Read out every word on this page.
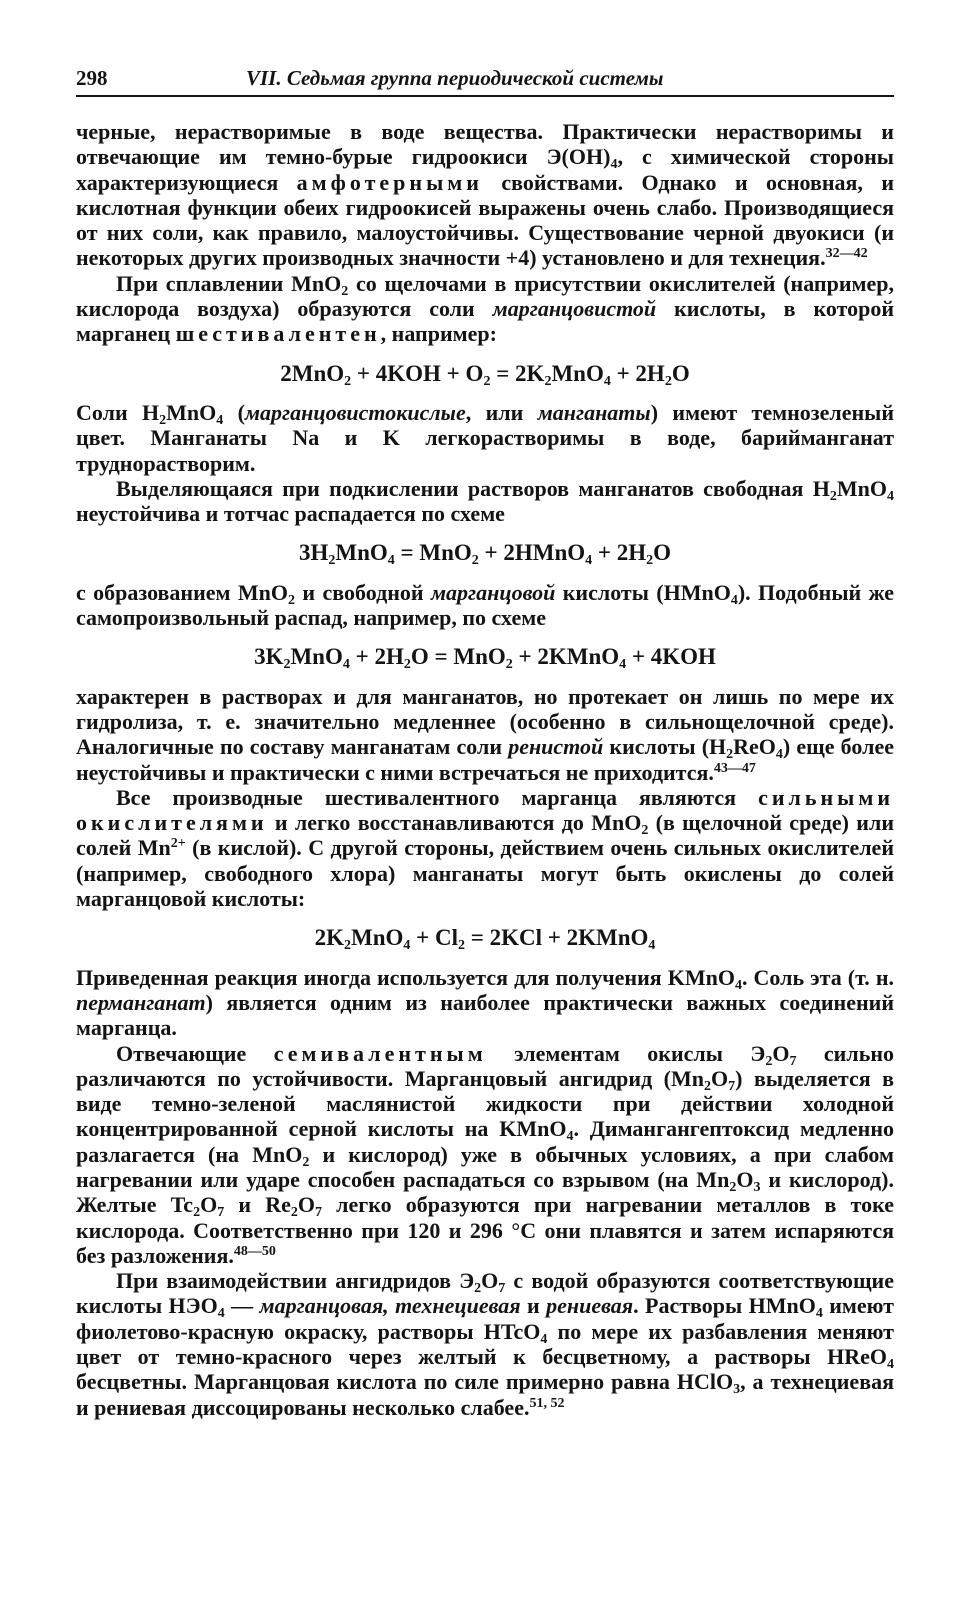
298	VII. Седьмая группа периодической системы

черные, нерастворимые в воде вещества. Практически нерастворимы и отвечающие им темно-бурые гидроокиси $Э(OH)_4$, с химической стороны характеризующиеся амфотерными свойствами. Однако и основная, и кислотная функции обеих гидроокисей выражены очень слабо. Производящиеся от них соли, как правило, малоустойчивы. Существование черной двуокиси (и некоторых других производных значности +4) установлено и для технеция.$^{32—42}$

При сплавлении MnO$_2$ со щелочами в присутствии окислителей (например, кислорода воздуха) образуются соли марганцовистой кислоты, в которой марганец шестивалентен, например:

$2MnO_2 + 4KOH + O_2 = 2K_2MnO_4 + 2H_2O$

Соли $H_2MnO_4$ (марганцовистокислые, или манганаты) имеют темнозеленый цвет. Манганаты Na и K легкорастворимы в воде, барийманганат труднорастворим.

Выделяющаяся при подкислении растворов манганатов свободная $H_2MnO_4$ неустойчива и тотчас распадается по схеме

$3H_2MnO_4 = MnO_2$ + 2HMnO$_4$ + $2H_2O$

с образованием MnO$_2$ и свободной марганцовой кислоты (HMnO$_4$). Подобный же самопроизвольный распад, например, по схеме

$3K_2MnO_4 + 2H_2O = MnO_2$ + 2KMnO$_4$ + 4KOH

характерен в растворах и для манганатов, но протекает он лишь по мере их гидролиза, т. е. значительно медленнее (особенно в сильнощелочной среде). Аналогичные по составу манганатам соли ренистой кислоты $(H_2ReO_4)$ еще более неустойчивы и практически с ними встречаться не приходится.$^{43—47}$

Все производные шестивалентного марганца являются сильными окислителями и легко восстанавливаются до MnO$_2$ (в щелочной среде) или солей $Mn^{2+}$ (в кислой). С другой стороны, действием очень сильных окислителей (например, свободного хлора) манганаты могут быть окислены до солей марганцовой кислоты:

$2K_2MnO_4 + Cl_2 = 2KCl$ + 2KMnO$_4$

Приведенная реакция иногда используется для получения KMnO$_4$. Соль эта (т. н. перманганат) является одним из наиболее практически важных соединений марганца.

Отвечающие семивалентным элементам окислы $Э_2O_7$ сильно различаются по устойчивости. Марганцовый ангидрид $(Mn_2O_7)$ выделяется в виде темно-зеленой маслянистой жидкости при действии холодной концентрированной серной кислоты на KMnO$_4$. Димангангептоксид медленно разлагается (на MnO$_2$ и кислород) уже в обычных условиях, а при слабом нагревании или ударе способен распадаться со взрывом (на $Mn_2O_3$ и кислород). Желтые $Tc_2O_7$ и $Re_2O_7$ легко образуются при нагревании металлов в токе кислорода. Соответственно при 120 и 296 °C они плавятся и затем испаряются без разложения.$^{48—50}$

При взаимодействии ангидридов $Э_2O_7$ с водой образуются соответствующие кислоты $HЭO_4$ — марганцовая, технециевая и рениевая. Растворы HMnO$_4$ имеют фиолетово-красную окраску, растворы HTcO$_4$ по мере их разбавления меняют цвет от темно-красного через желтый к бесцветному, а растворы HReO$_4$ бесцветны. Марганцовая кислота по силе примерно равна HClO$_3$, а технециевая и рениевая диссоцированы несколько слабее.$^{51, 52}$
